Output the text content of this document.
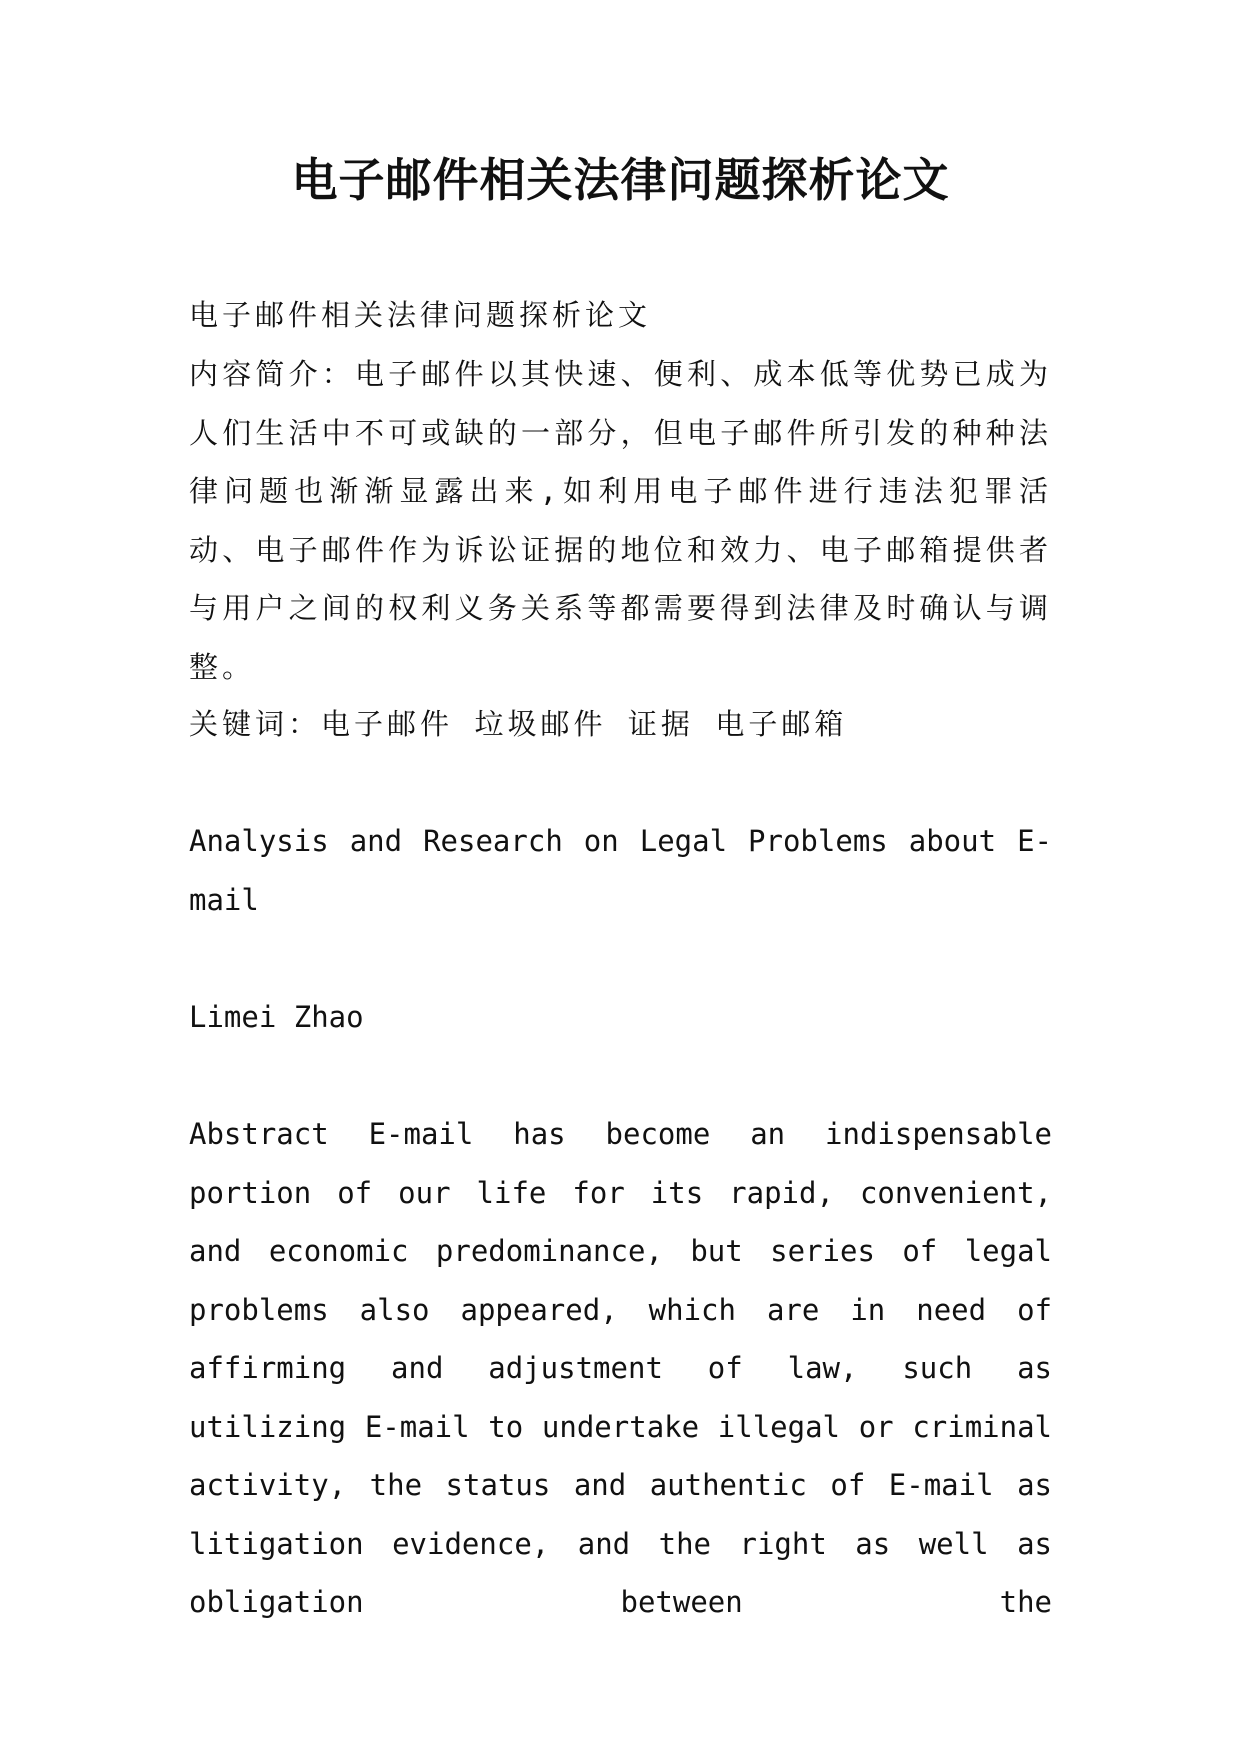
电子邮件相关法律问题探析论文

电子邮件相关法律问题探析论文

内容简介：电子邮件以其快速、便利、成本低等优势已成为人们生活中不可或缺的一部分，但电子邮件所引发的种种法律问题也渐渐显露出来,如利用电子邮件进行违法犯罪活动、电子邮件作为诉讼证据的地位和效力、电子邮箱提供者与用户之间的权利义务关系等都需要得到法律及时确认与调整。

关键词：电子邮件 垃圾邮件 证据 电子邮箱

Analysis and Research on Legal Problems about E-mail

Limei Zhao

Abstract E-mail has become an indispensable portion of our life for its rapid, convenient, and economic predominance, but series of legal problems also appeared, which are in need of affirming and adjustment of law, such as utilizing E-mail to undertake illegal or criminal activity, the status and authentic of E-mail as litigation evidence, and the right as well as obligation between the
